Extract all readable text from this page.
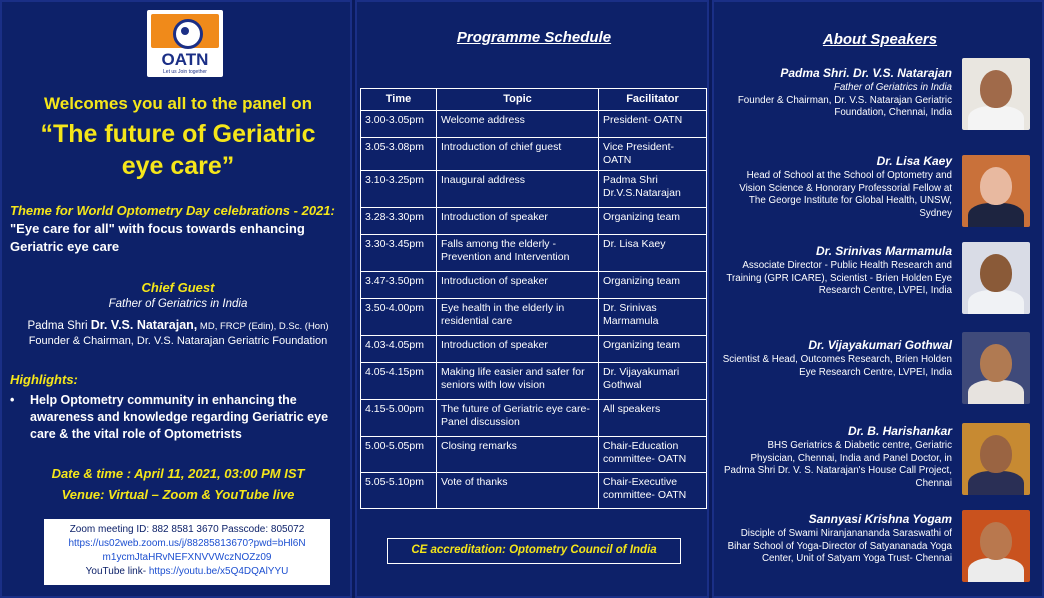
OATN
Let us Join together
Welcomes you all to the panel on
“The future of Geriatric
eye care”
Theme for World Optometry Day celebrations - 2021: "Eye care for all" with focus towards enhancing Geriatric eye care
Chief Guest
Father of Geriatrics in India
Padma Shri Dr. V.S. Natarajan, MD, FRCP (Edin), D.Sc. (Hon)
Founder & Chairman, Dr. V.S. Natarajan Geriatric Foundation
Highlights:
•	Help Optometry community in enhancing the awareness and knowledge regarding Geriatric eye care & the vital role of Optometrists
Date & time : April 11, 2021, 03:00 PM IST
Venue: Virtual – Zoom & YouTube live
Zoom meeting ID: 882 8581 3670 Passcode: 805072
https://us02web.zoom.us/j/88285813670?pwd=bHl6N
m1ycmJtaHRvNEFXNVVWczNOZz09
YouTube link- https://youtu.be/x5Q4DQAlYYU
Programme Schedule
Time	Topic	Facilitator
3.00-3.05pm	Welcome address	President- OATN
3.05-3.08pm	Introduction of chief guest	Vice President- OATN
3.10-3.25pm	Inaugural address	Padma Shri Dr.V.S.Natarajan
3.28-3.30pm	Introduction of speaker	Organizing team
3.30-3.45pm	Falls among the elderly - Prevention and Intervention	Dr. Lisa Kaey
3.47-3.50pm	Introduction of speaker	Organizing team
3.50-4.00pm	Eye health in the elderly in residential care	Dr. Srinivas Marmamula
4.03-4.05pm	Introduction of speaker	Organizing team
4.05-4.15pm	Making life easier and safer for seniors with low vision	Dr. Vijayakumari Gothwal
4.15-5.00pm	The future of Geriatric eye care- Panel discussion	All speakers
5.00-5.05pm	Closing remarks	Chair-Education committee- OATN
5.05-5.10pm	Vote of thanks	Chair-Executive committee- OATN
CE accreditation: Optometry Council of India
About Speakers
Padma Shri. Dr. V.S. Natarajan
Father of Geriatrics in India
Founder & Chairman, Dr. V.S. Natarajan Geriatric Foundation, Chennai, India
Dr. Lisa Kaey
Head of School at the School of Optometry and Vision Science & Honorary Professorial Fellow at The George Institute for Global Health, UNSW, Sydney
Dr. Srinivas Marmamula
Associate Director - Public Health Research and Training (GPR ICARE), Scientist - Brien Holden Eye Research Centre, LVPEI, India
Dr. Vijayakumari Gothwal
Scientist & Head, Outcomes Research, Brien Holden Eye Research Centre, LVPEI, India
Dr. B. Harishankar
BHS Geriatrics & Diabetic centre, Geriatric Physician, Chennai, India and Panel Doctor, in Padma Shri Dr. V. S. Natarajan's House Call Project, Chennai
Sannyasi Krishna Yogam
Disciple of Swami Niranjanananda Saraswathi of Bihar School of Yoga-Director of Satyananada Yoga Center, Unit of Satyam Yoga Trust- Chennai
